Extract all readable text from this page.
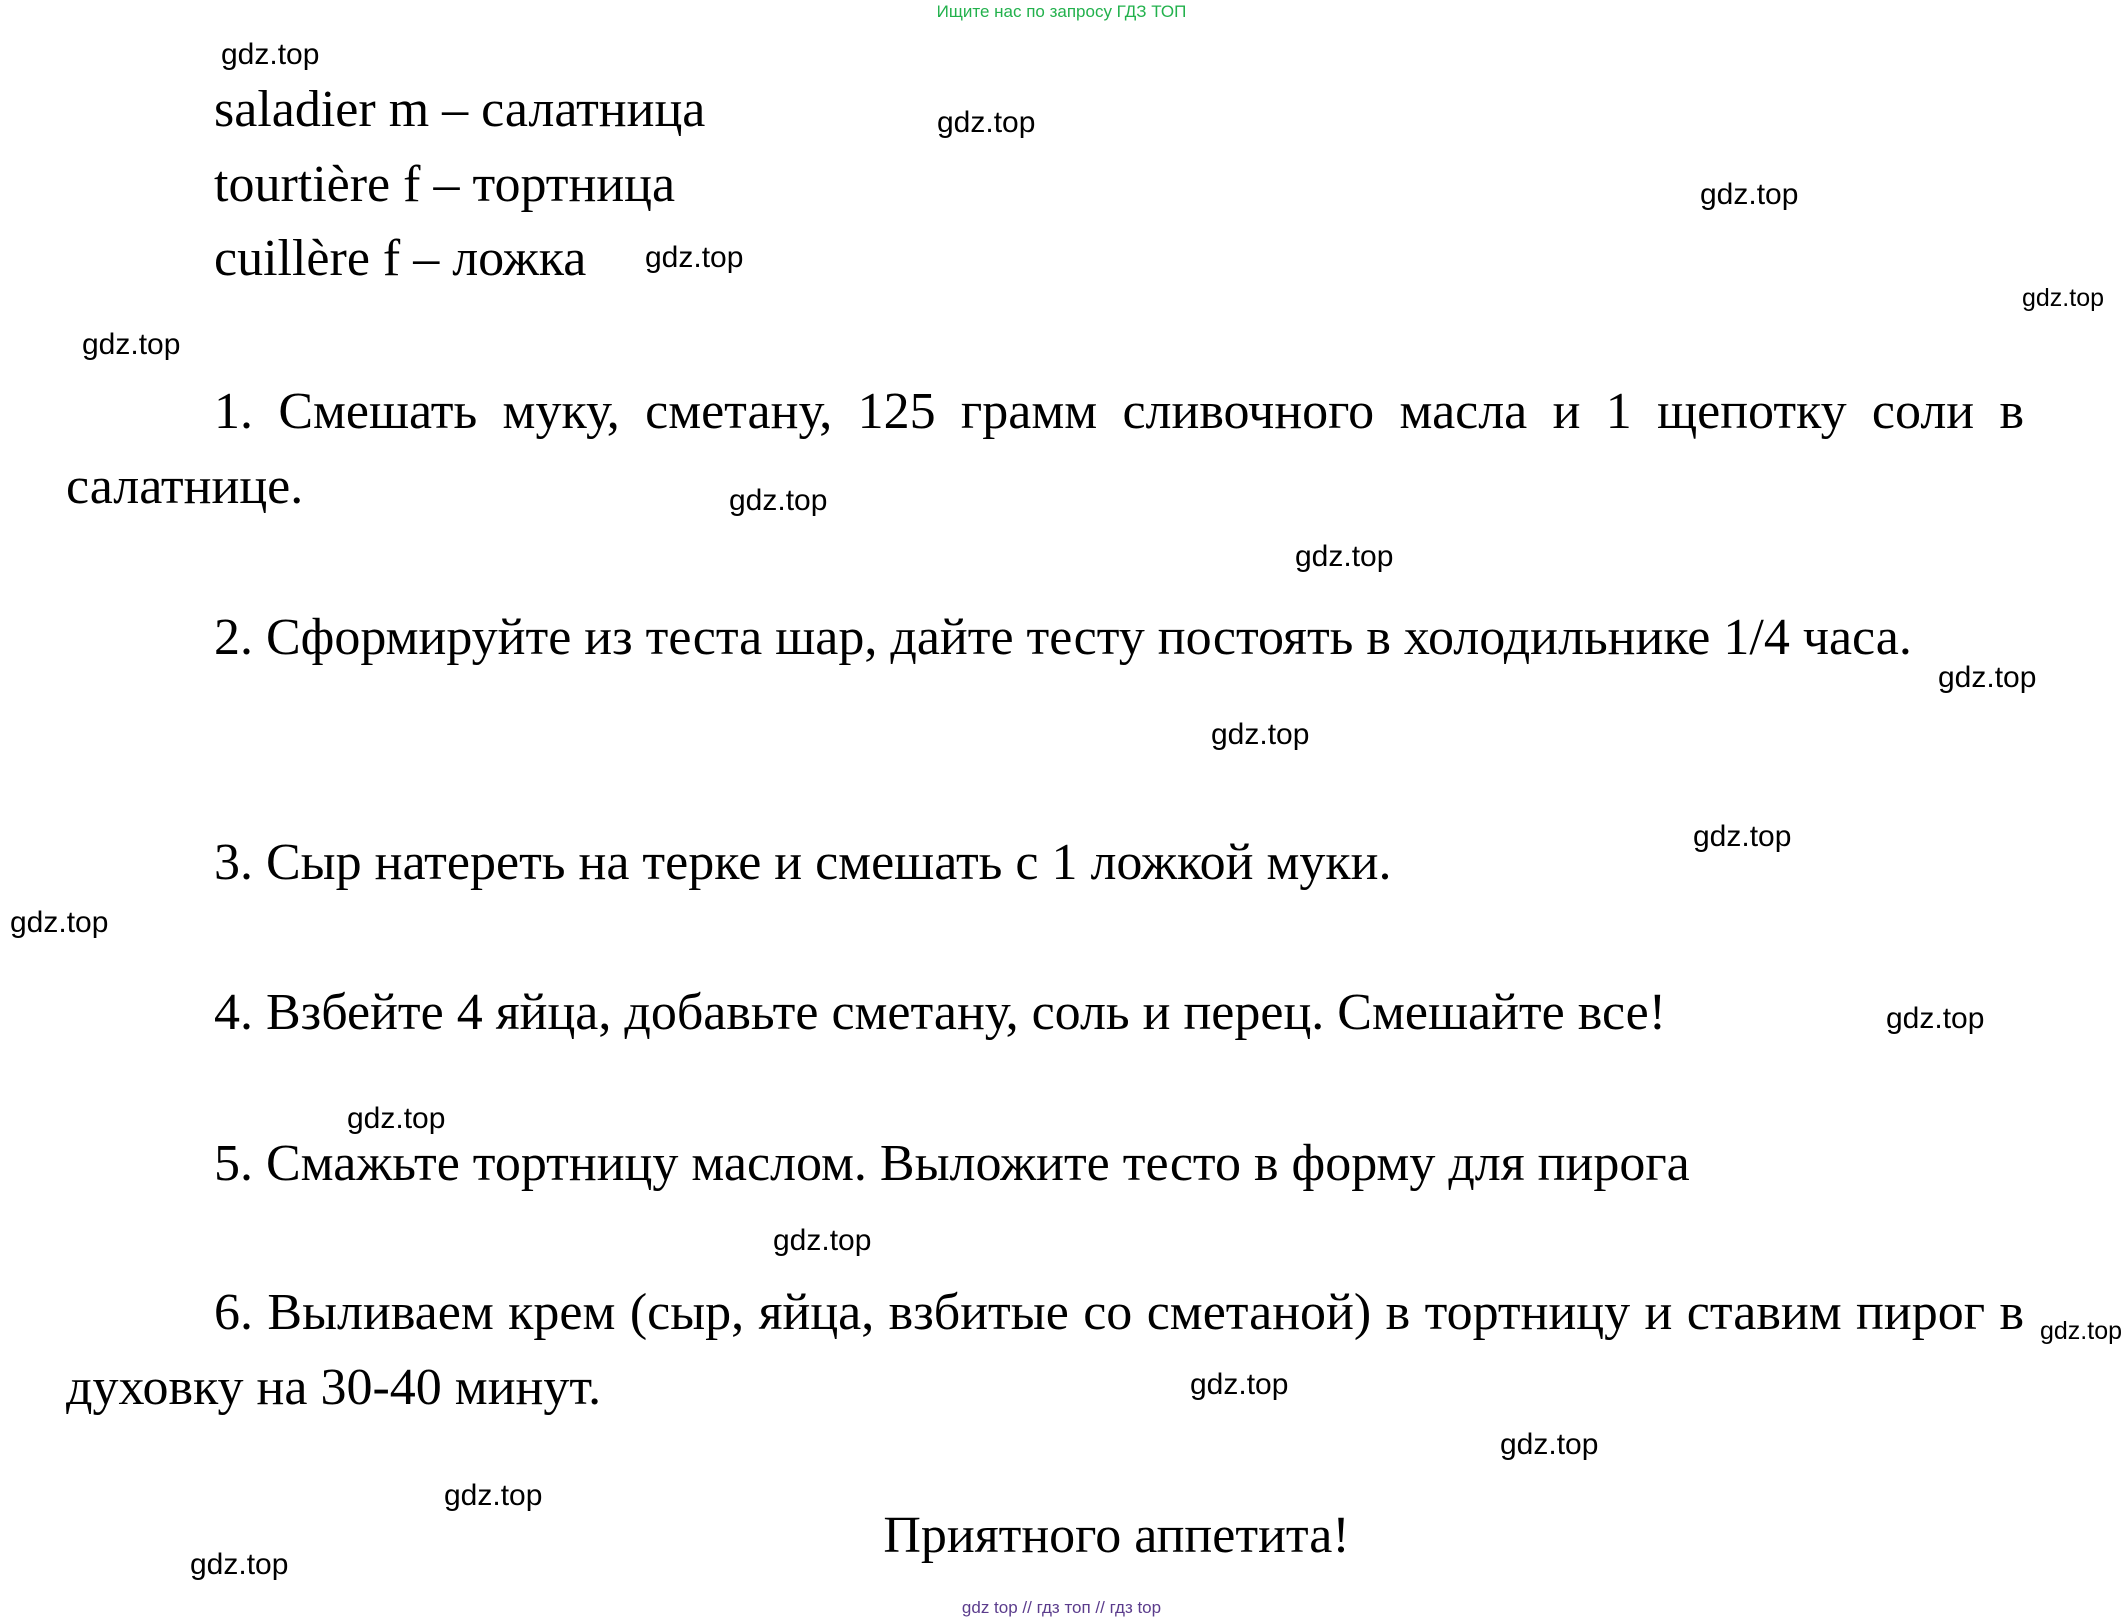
Ищите нас по запросу ГДЗ ТОП
saladier m – салатница
tourtière f – тортница
cuillère f – ложка

1. Смешать муку, сметану, 125 грамм сливочного масла и 1 щепотку соли в салатнице.

2. Сформируйте из теста шар, дайте тесту постоять в холодильнике 1/4 часа.

3. Сыр натереть на терке и смешать с 1 ложкой муки.

4. Взбейте 4 яйца, добавьте сметану, соль и перец. Смешайте все!

5. Смажьте тортницу маслом. Выложите тесто в форму для пирога

6. Выливаем крем (сыр, яйца, взбитые со сметаной) в тортницу и ставим пирог в духовку на 30-40 минут.

Приятного аппетита!
gdz.top
gdz.top
gdz.top
gdz.top
gdz.top
gdz.top
gdz.top
gdz.top
gdz.top
gdz.top
gdz.top
gdz.top
gdz.top
gdz.top
gdz.top
gdz.top
gdz.top
gdz.top
gdz.top
gdz.top
gdz top // гдз топ // гдз top
